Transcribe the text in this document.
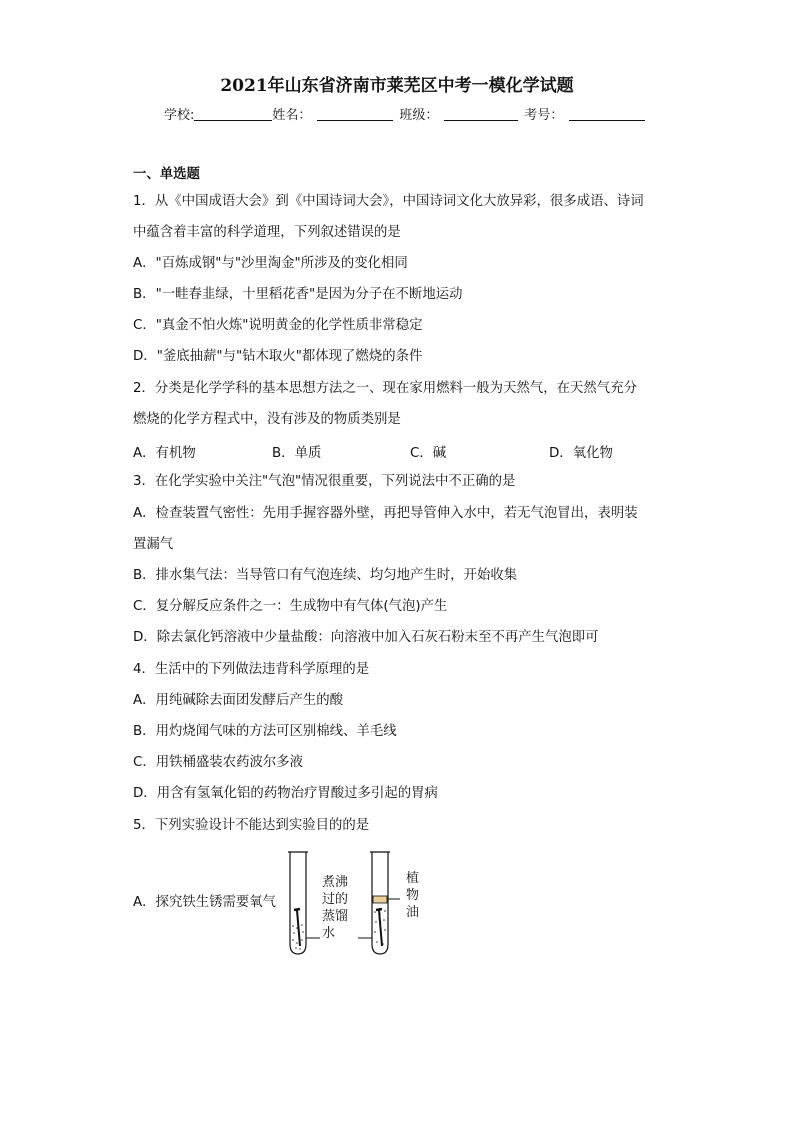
2021年山东省济南市莱芜区中考一模化学试题
学校:	姓名：	班级：	考号：
一、单选题
1．从《中国成语大会》到《中国诗词大会》，中国诗词文化大放异彩，很多成语、诗词
中蕴含着丰富的科学道理，下列叙述错误的是
A．"百炼成钢"与"沙里淘金"所涉及的变化相同
B．"一畦春韭绿，十里稻花香"是因为分子在不断地运动
C．"真金不怕火炼"说明黄金的化学性质非常稳定
D．"釜底抽薪"与"钻木取火"都体现了燃烧的条件
2．分类是化学学科的基本思想方法之一、现在家用燃料一般为天然气，在天然气充分
燃烧的化学方程式中，没有涉及的物质类别是
A．有机物	B．单质	C．碱	D．氧化物
3．在化学实验中关注"气泡"情况很重要，下列说法中不正确的是
A．检查装置气密性：先用手握容器外壁，再把导管伸入水中，若无气泡冒出，表明装
置漏气
B．排水集气法：当导管口有气泡连续、均匀地产生时，开始收集
C．复分解反应条件之一：生成物中有气体(气泡)产生
D．除去氯化钙溶液中少量盐酸：向溶液中加入石灰石粉末至不再产生气泡即可
4．生活中的下列做法违背科学原理的是
A．用纯碱除去面团发酵后产生的酸
B．用灼烧闻气味的方法可区别棉线、羊毛线
C．用铁桶盛装农药波尔多液
D．用含有氢氧化铝的药物治疗胃酸过多引起的胃病
5．下列实验设计不能达到实验目的的是
A．探究铁生锈需要氧气
煮沸
过的
蒸馏
水
植
物
油
